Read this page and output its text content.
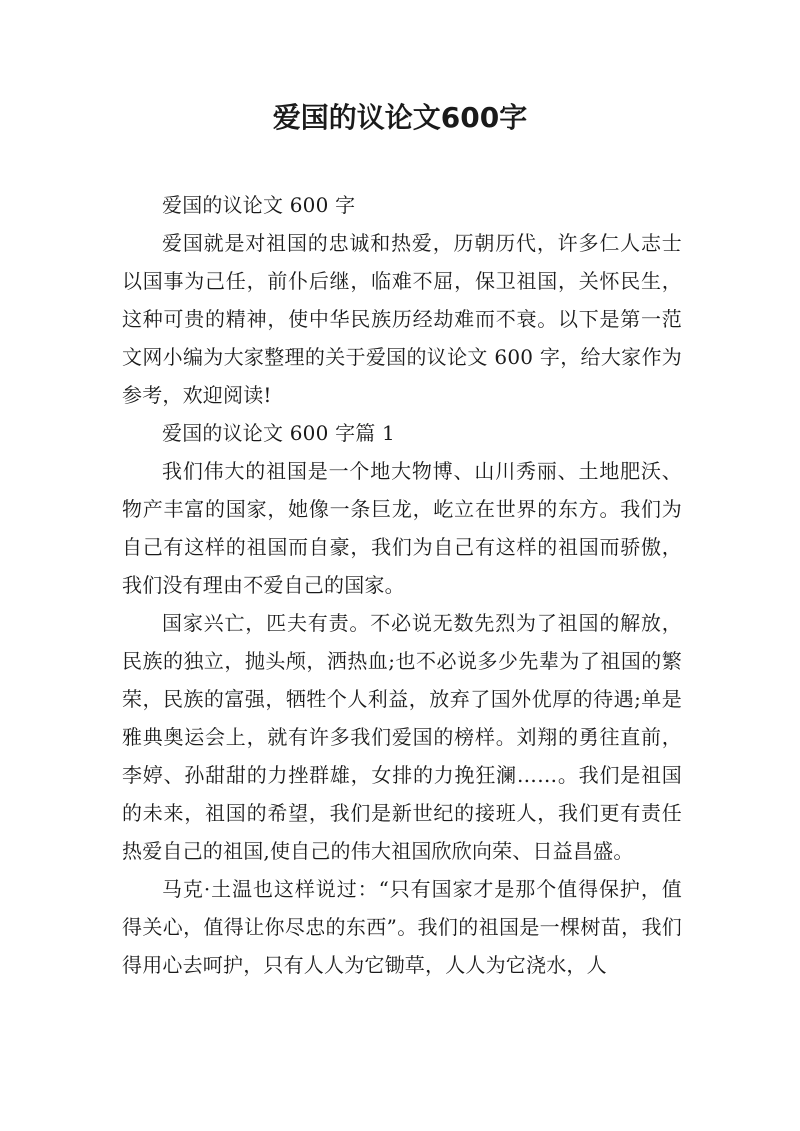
爱国的议论文600字

爱国的议论文 600 字

爱国就是对祖国的忠诚和热爱，历朝历代，许多仁人志士以国事为己任，前仆后继，临难不屈，保卫祖国，关怀民生，这种可贵的精神，使中华民族历经劫难而不衰。以下是第一范文网小编为大家整理的关于爱国的议论文 600 字，给大家作为参考，欢迎阅读!

爱国的议论文 600 字篇 1

我们伟大的祖国是一个地大物博、山川秀丽、土地肥沃、物产丰富的国家，她像一条巨龙，屹立在世界的东方。我们为自己有这样的祖国而自豪，我们为自己有这样的祖国而骄傲，我们没有理由不爱自己的国家。

国家兴亡，匹夫有责。不必说无数先烈为了祖国的解放，民族的独立，抛头颅，洒热血;也不必说多少先辈为了祖国的繁荣，民族的富强，牺牲个人利益，放弃了国外优厚的待遇;单是雅典奥运会上，就有许多我们爱国的榜样。刘翔的勇往直前，李婷、孙甜甜的力挫群雄，女排的力挽狂澜……。我们是祖国的未来，祖国的希望，我们是新世纪的接班人，我们更有责任热爱自己的祖国,使自己的伟大祖国欣欣向荣、日益昌盛。

马克·土温也这样说过：“只有国家才是那个值得保护，值得关心，值得让你尽忠的东西”。我们的祖国是一棵树苗，我们得用心去呵护，只有人人为它锄草，人人为它浇水，人
